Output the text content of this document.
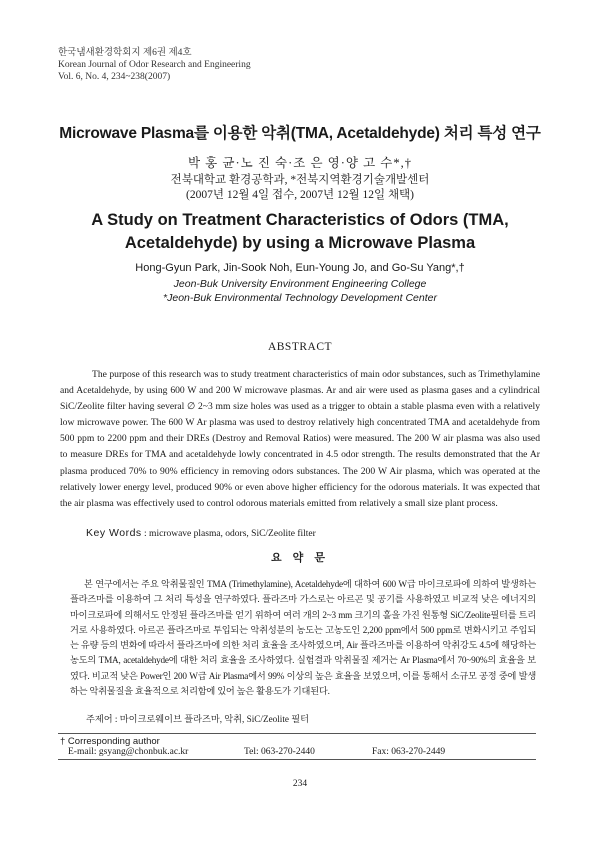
한국냄새환경학회지 제6권 제4호
Korean Journal of Odor Research and Engineering
Vol. 6, No. 4, 234~238(2007)
Microwave Plasma를 이용한 악취(TMA, Acetaldehyde) 처리 특성 연구
박 홍 균·노 진 숙·조 은 영·양 고 수*,†
전북대학교 환경공학과, *전북지역환경기술개발센터
(2007년 12월 4일 접수, 2007년 12월 12일 채택)
A Study on Treatment Characteristics of Odors (TMA, Acetaldehyde) by using a Microwave Plasma
Hong-Gyun Park, Jin-Sook Noh, Eun-Young Jo, and Go-Su Yang*,†
Jeon-Buk University Environment Engineering College
*Jeon-Buk Environmental Technology Development Center
ABSTRACT

The purpose of this research was to study treatment characteristics of main odor substances, such as Trimethylamine and Acetaldehyde, by using 600 W and 200 W microwave plasmas. Ar and air were used as plasma gases and a cylindrical SiC/Zeolite filter having several ∅ 2~3 mm size holes was used as a trigger to obtain a stable plasma even with a relatively low microwave power. The 600 W Ar plasma was used to destroy relatively high concentrated TMA and acetaldehyde from 500 ppm to 2200 ppm and their DREs (Destroy and Removal Ratios) were measured. The 200 W air plasma was also used to measure DREs for TMA and acetaldehyde lowly concentrated in 4.5 odor strength. The results demonstrated that the Ar plasma produced 70% to 90% efficiency in removing odors substances. The 200 W Air plasma, which was operated at the relatively lower energy level, produced 90% or even above higher efficiency for the odorous materials. It was expected that the air plasma was effectively used to control odorous materials emitted from relatively a small size plant process.

Key Words : microwave plasma, odors, SiC/Zeolite filter
요 약 문

본 연구에서는 주요 악취물질인 TMA (Trimethylamine), Acetaldehyde에 대하여 600 W급 마이크로파에 의하여 발생하는 플라즈마를 이용하여 그 처리 특성을 연구하였다. 플라즈마 가스로는 아르곤 및 공기를 사용하였고 비교적 낮은 에너지의 마이크로파에 의해서도 안정된 플라즈마를 얻기 위하여 여러 개의 2~3 mm 크기의 홀을 가진 원통형 SiC/Zeolite필터를 트리거로 사용하였다. 아르곤 플라즈마로 투입되는 악취성분의 농도는 고농도인 2,200 ppm에서 500 ppm로 변화시키고 주입되는 유량 등의 변화에 따라서 플라즈마에 의한 처리 효율을 조사하였으며, Air 플라즈마를 이용하여 악취강도 4.5에 해당하는 농도의 TMA, acetaldehyde에 대한 처리 효율을 조사하였다. 실험결과 악취물질 제거는 Ar Plasma에서 70~90%의 효율을 보였다. 비교적 낮은 Power인 200 W급 Air Plasma에서 99% 이상의 높은 효율을 보였으며, 이를 통해서 소규모 공정 중에 발생하는 악취물질을 효율적으로 처리함에 있어 높은 활용도가 기대된다.

주제어 : 마이크로웨이브 플라즈마, 악취, SiC/Zeolite 필터
† Corresponding author
E-mail: gsyang@chonbuk.ac.kr	Tel: 063-270-2440	Fax: 063-270-2449
234
